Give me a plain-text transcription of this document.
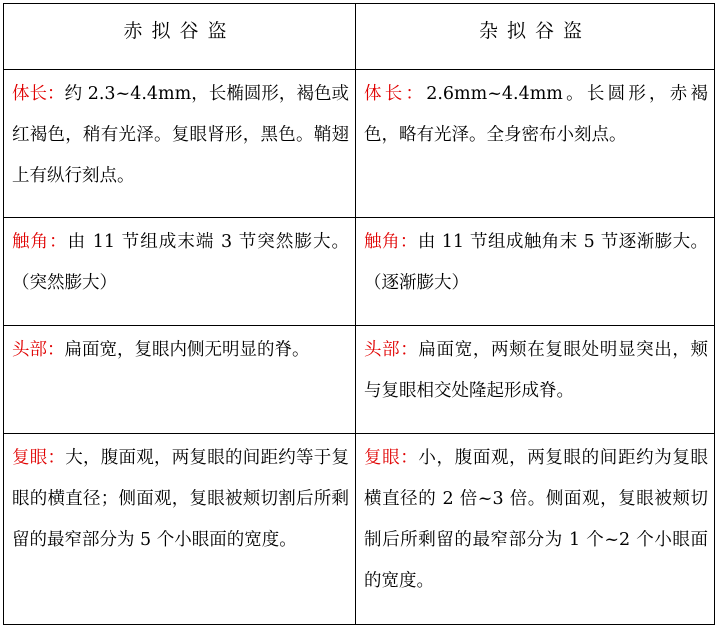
赤拟谷盗	杂拟谷盗
体长：约 2.3~4.4mm，长椭圆形，褐色或红褐色，稍有光泽。复眼肾形，黑色。鞘翅上有纵行刻点。	体长：2.6mm~4.4mm。长圆形，赤褐色，略有光泽。全身密布小刻点。
触角：由 11 节组成末端 3 节突然膨大。（突然膨大）	触角：由 11 节组成触角末 5 节逐渐膨大。（逐渐膨大）
头部：扁面宽，复眼内侧无明显的脊。	头部：扁面宽，两颊在复眼处明显突出，颊与复眼相交处隆起形成脊。
复眼：大，腹面观，两复眼的间距约等于复眼的横直径；侧面观，复眼被颊切割后所剩留的最窄部分为 5 个小眼面的宽度。	复眼：小，腹面观，两复眼的间距约为复眼横直径的 2 倍~3 倍。侧面观，复眼被颊切制后所剩留的最窄部分为 1 个~2 个小眼面的宽度。
